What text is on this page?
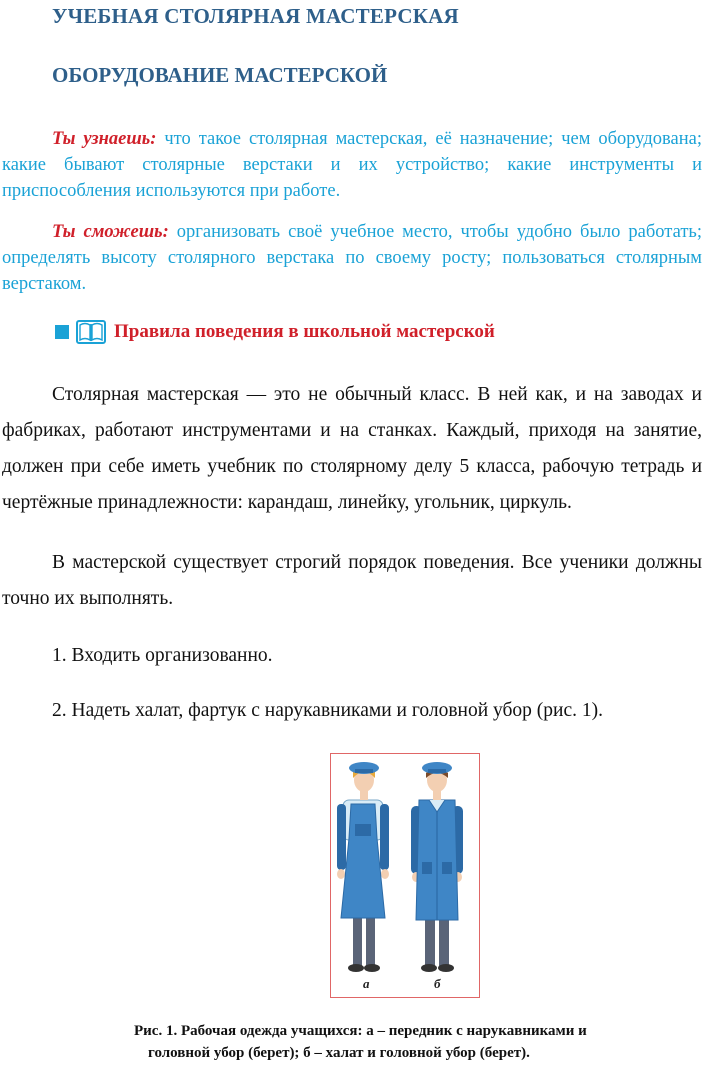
УЧЕБНАЯ СТОЛЯРНАЯ МАСТЕРСКАЯ
ОБОРУДОВАНИЕ МАСТЕРСКОЙ

Ты узнаешь: что такое столярная мастерская, её назначение; чем оборудована; какие бывают столярные верстаки и их устройство; какие инструменты и приспособления используются при работе.

Ты сможешь: организовать своё учебное место, чтобы удобно было работать; определять высоту столярного верстака по своему росту; пользоваться столярным верстаком.

Правила поведения в школьной мастерской

Столярная мастерская — это не обычный класс. В ней как, и на заводах и фабриках, работают инструментами и на станках. Каждый, приходя на занятие, должен при себе иметь учебник по столярному делу 5 класса, рабочую тетрадь и чертёжные принадлежности: карандаш, линейку, угольник, циркуль.

В мастерской существует строгий порядок поведения. Все ученики должны точно их выполнять.

1. Входить организованно.

2. Надеть халат, фартук с нарукавниками и головной убор (рис. 1).

а	б

Рис. 1. Рабочая одежда учащихся: а – передник с нарукавниками и
головной убор (берет); б – халат и головной убор (берет).
